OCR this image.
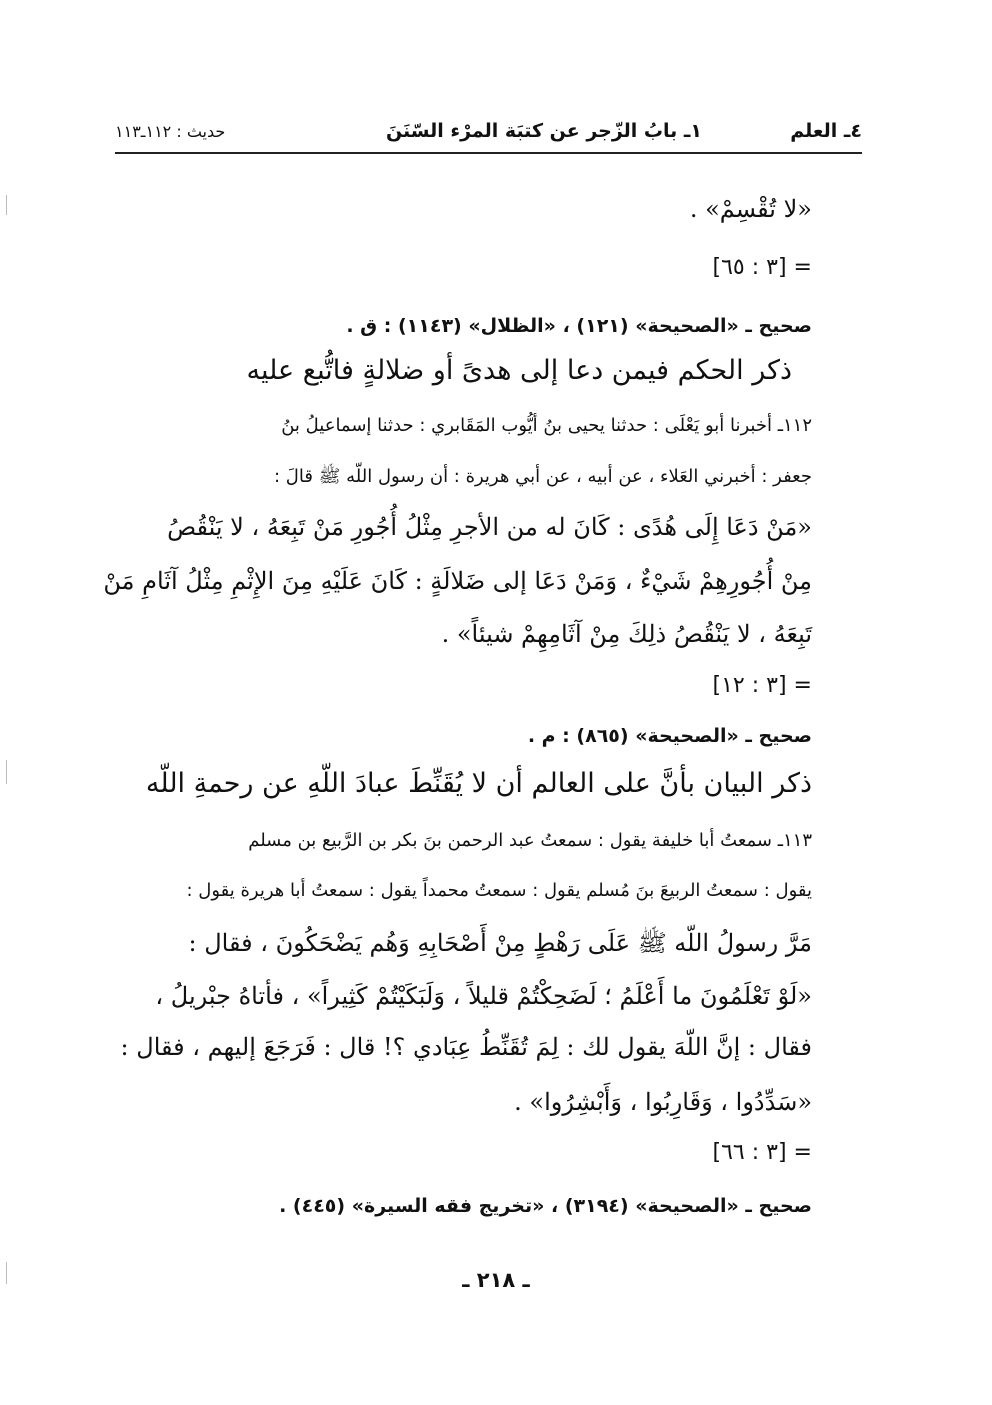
٤ـ العلم
١ـ بابُ الزّجر عن كتبَة المرْء السّنَنَ
حديث : ١١٢ـ١١٣
«لا تُقْسِمْ» .
= [٣ : ٦٥]
صحيح ـ «الصحيحة» (١٢١) ، «الظلال» (١١٤٣) : ق .
ذكر الحكم فيمن دعا إلى هدىً أو ضلالةٍ فاتُّبع عليه
١١٢ـ أخبرنا أبو يَعْلَى : حدثنا يحيى بنُ أيُّوب المَقَابري : حدثنا إسماعيلُ بنُ
جعفر : أخبرني العَلاء ، عن أبيه ، عن أبي هريرة : أن رسول اللّه ﷺ قالَ :
«مَنْ دَعَا إِلَى هُدًى : كَانَ له من الأجرِ مِثْلُ أُجُورِ مَنْ تَبِعَهُ ، لا يَنْقُصُ
مِنْ أُجُورِهِمْ شَيْءٌ ، وَمَنْ دَعَا إلى ضَلالَةٍ : كَانَ عَلَيْهِ مِنَ الإِثْمِ مِثْلُ آثَامِ مَنْ
تَبِعَهُ ، لا يَنْقُصُ ذلِكَ مِنْ آثَامِهِمْ شيئاً» .
= [٣ : ١٢]
صحيح ـ «الصحيحة» (٨٦٥) : م .
ذكر البيان بأنَّ على العالم أن لا يُقَنِّطَ عبادَ اللّهِ عن رحمةِ اللّه
١١٣ـ سمعتُ أبا خليفة يقول : سمعتُ عبد الرحمن بنَ بكر بن الرَّبيع بن مسلم
يقول : سمعتُ الربيعَ بنَ مُسلم يقول : سمعتُ محمداً يقول : سمعتُ أبا هريرة يقول :
مَرَّ رسولُ اللّه ﷺ عَلَى رَهْطٍ مِنْ أَصْحَابِهِ وَهُم يَضْحَكُونَ ، فقال :
«لَوْ تَعْلَمُونَ ما أَعْلَمُ ؛ لَضَحِكْتُمْ قليلاً ، وَلَبَكَيْتُمْ كَثِيراً» ، فأتاهُ جبْريلُ ،
فقال : إنَّ اللّهَ يقول لك : لِمَ تُقَنِّطُ عِبَادي ؟! قال : فَرَجَعَ إليهم ، فقال :
«سَدِّدُوا ، وَقَارِبُوا ، وَأَبْشِرُوا» .
= [٣ : ٦٦]
صحيح ـ «الصحيحة» (٣١٩٤) ، «تخريج فقه السيرة» (٤٤٥) .
ـ ٢١٨ ـ
